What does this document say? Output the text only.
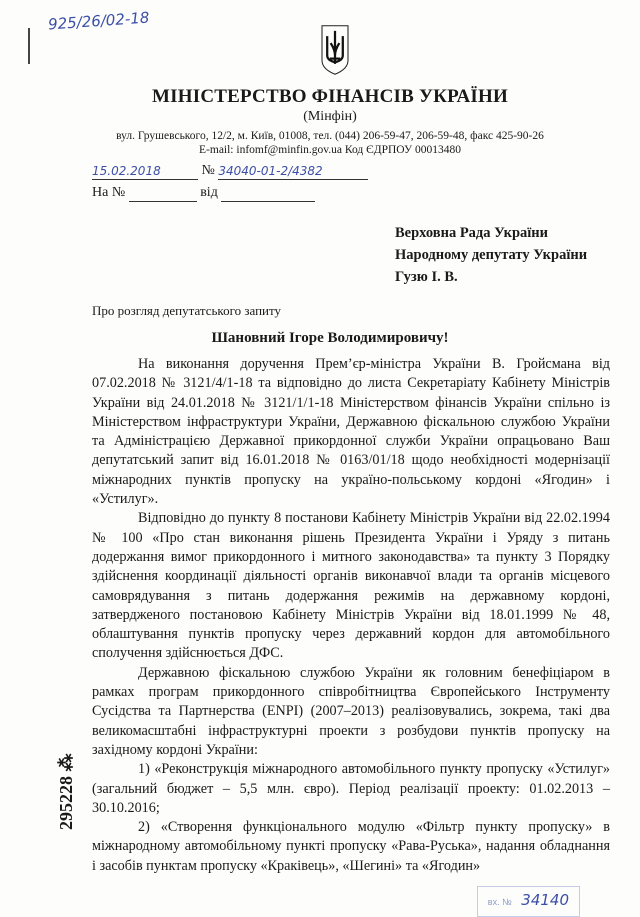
925/26/02-18
МІНІСТЕРСТВО ФІНАНСІВ УКРАЇНИ
(Мінфін)
вул. Грушевського, 12/2, м. Київ, 01008, тел. (044) 206-59-47, 206-59-48, факс 425-90-26
E-mail: infomf@minfin.gov.ua Код ЄДРПОУ 00013480
15.02.2018	№ 34040-01-2/4382
На №	від
Верховна Рада України
Народному депутату України
Гузю І. В.
Про розгляд депутатського запиту
Шановний Ігоре Володимировичу!

На виконання доручення Прем’єр-міністра України В. Гройсмана від 07.02.2018 № 3121/4/1-18 та відповідно до листа Секретаріату Кабінету Міністрів України від 24.01.2018 № 3121/1/1-18 Міністерством фінансів України спільно із Міністерством інфраструктури України, Державною фіскальною службою України та Адміністрацією Державної прикордонної служби України опрацьовано Ваш депутатський запит від 16.01.2018 № 0163/01/18 щодо необхідності модернізації міжнародних пунктів пропуску на україно-польському кордоні «Ягодин» і «Устилуг».

Відповідно до пункту 8 постанови Кабінету Міністрів України від 22.02.1994 № 100 «Про стан виконання рішень Президента України і Уряду з питань додержання вимог прикордонного і митного законодавства» та пункту 3 Порядку здійснення координації діяльності органів виконавчої влади та органів місцевого самоврядування з питань додержання режимів на державному кордоні, затвердженого постановою Кабінету Міністрів України від 18.01.1999 № 48, облаштування пунктів пропуску через державний кордон для автомобільного сполучення здійснюється ДФС.

Державною фіскальною службою України як головним бенефіціаром в рамках програм прикордонного співробітництва Європейського Інструменту Сусідства та Партнерства (ENPI) (2007–2013) реалізовувались, зокрема, такі два великомасштабні інфраструктурні проекти з розбудови пунктів пропуску на західному кордоні України:

1) «Реконструкція міжнародного автомобільного пункту пропуску «Устилуг» (загальний бюджет – 5,5 млн. євро). Період реалізації проекту: 01.02.2013 – 30.10.2016;

2) «Створення функціонального модулю «Фільтр пункту пропуску» в міжнародному автомобільному пункті пропуску «Рава-Руська», надання обладнання і засобів пунктам пропуску «Краківець», «Шегині» та «Ягодин»

вх. № 34140
295228 ⁂
